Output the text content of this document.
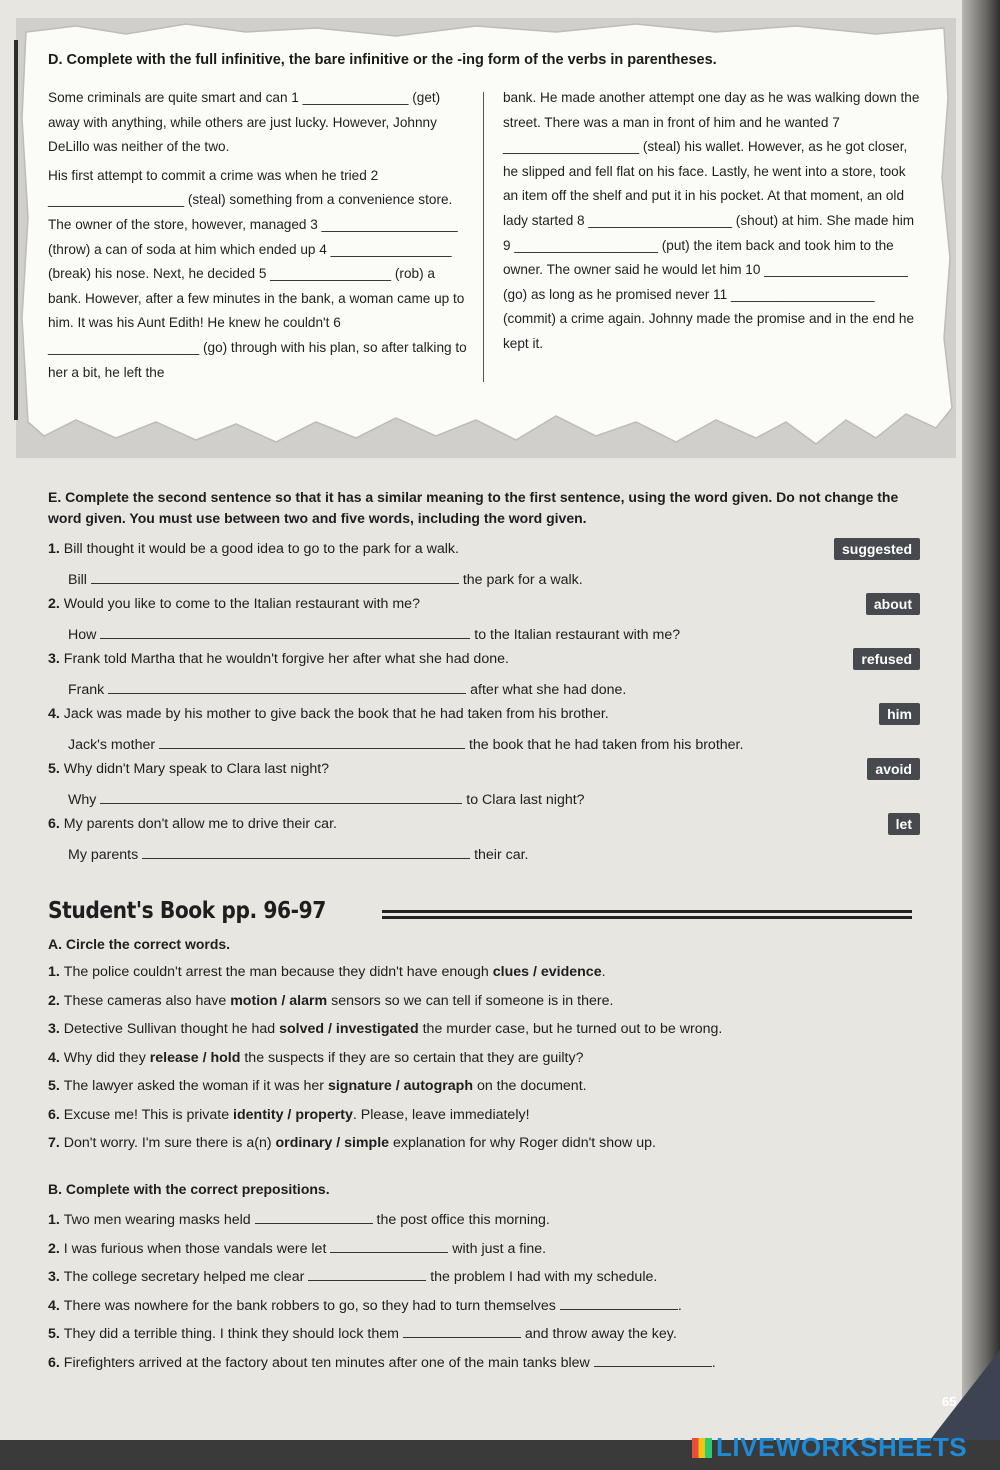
D. Complete with the full infinitive, the bare infinitive or the -ing form of the verbs in parentheses.

Some criminals are quite smart and can 1 ______________ (get) away with anything, while others are just lucky. However, Johnny DeLillo was neither of the two.

His first attempt to commit a crime was when he tried 2 __________________ (steal) something from a convenience store. The owner of the store, however, managed 3 __________________ (throw) a can of soda at him which ended up 4 ________________ (break) his nose. Next, he decided 5 ________________ (rob) a bank. However, after a few minutes in the bank, a woman came up to him. It was his Aunt Edith! He knew he couldn't 6 ____________________ (go) through with his plan, so after talking to her a bit, he left the

bank. He made another attempt one day as he was walking down the street. There was a man in front of him and he wanted 7 __________________ (steal) his wallet. However, as he got closer, he slipped and fell flat on his face. Lastly, he went into a store, took an item off the shelf and put it in his pocket. At that moment, an old lady started 8 ___________________ (shout) at him. She made him 9 ___________________ (put) the item back and took him to the owner. The owner said he would let him 10 ___________________ (go) as long as he promised never 11 ___________________ (commit) a crime again. Johnny made the promise and in the end he kept it.

E. Complete the second sentence so that it has a similar meaning to the first sentence, using the word given. Do not change the word given. You must use between two and five words, including the word given.
1. Bill thought it would be a good idea to go to the park for a walk.
Bill	the park for a walk.
suggested
2. Would you like to come to the Italian restaurant with me?
How	to the Italian restaurant with me?
about
3. Frank told Martha that he wouldn't forgive her after what she had done.
Frank	after what she had done.
refused
4. Jack was made by his mother to give back the book that he had taken from his brother.
Jack's mother	the book that he had taken from his brother.
him
5. Why didn't Mary speak to Clara last night?
Why	to Clara last night?
avoid
6. My parents don't allow me to drive their car.
My parents	their car.
let
Student's Book pp. 96-97
A. Circle the correct words.
1. The police couldn't arrest the man because they didn't have enough clues / evidence.
2. These cameras also have motion / alarm sensors so we can tell if someone is in there.
3. Detective Sullivan thought he had solved / investigated the murder case, but he turned out to be wrong.
4. Why did they release / hold the suspects if they are so certain that they are guilty?
5. The lawyer asked the woman if it was her signature / autograph on the document.
6. Excuse me! This is private identity / property. Please, leave immediately!
7. Don't worry. I'm sure there is a(n) ordinary / simple explanation for why Roger didn't show up.
B. Complete with the correct prepositions.
1. Two men wearing masks held	the post office this morning.
2. I was furious when those vandals were let	with just a fine.
3. The college secretary helped me clear	the problem I had with my schedule.
4. There was nowhere for the bank robbers to go, so they had to turn themselves	.
5. They did a terrible thing. I think they should lock them	and throw away the key.
6. Firefighters arrived at the factory about ten minutes after one of the main tanks blew	.
65
LIVEWORKSHEETS
